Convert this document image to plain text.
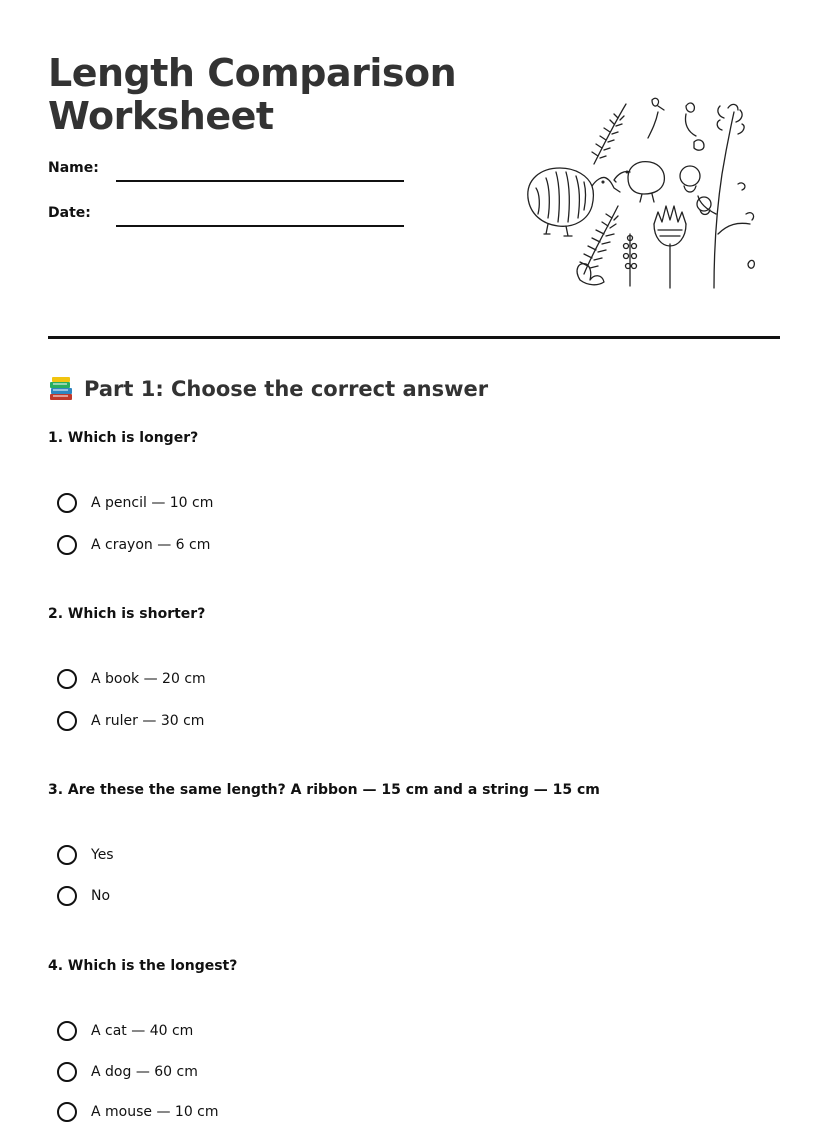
Length Comparison Worksheet
Name:
Date:
Part 1: Choose the correct answer
1. Which is longer?
A pencil — 10 cm
A crayon — 6 cm
2. Which is shorter?
A book — 20 cm
A ruler — 30 cm
3. Are these the same length? A ribbon — 15 cm and a string — 15 cm
Yes
No
4. Which is the longest?
A cat — 40 cm
A dog — 60 cm
A mouse — 10 cm
